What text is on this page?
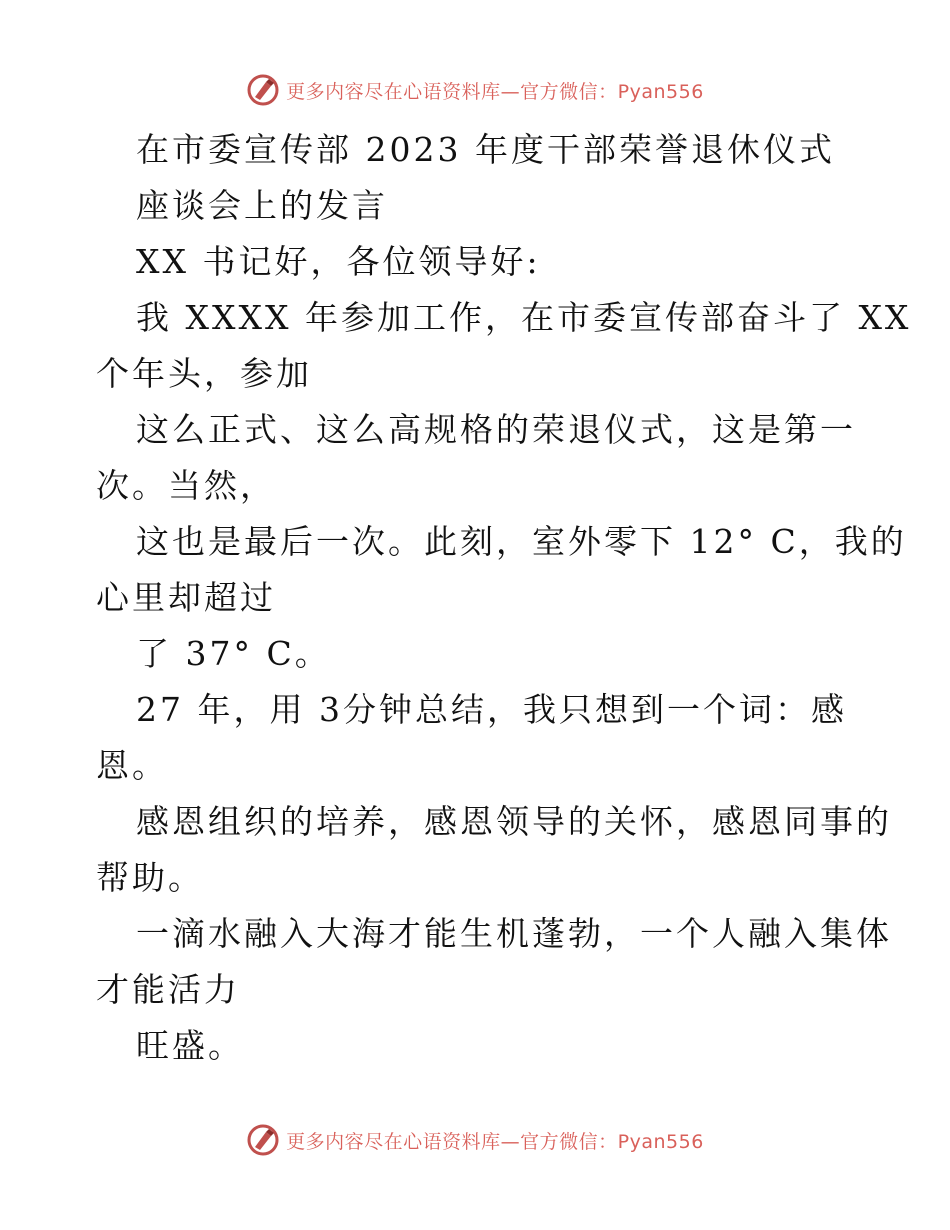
更多内容尽在心语资料库—官方微信：Pyan556
在市委宣传部 2023 年度干部荣誉退休仪式
座谈会上的发言
XX 书记好，各位领导好:
我 XXXX 年参加工作，在市委宣传部奋斗了 XX
个年头，参加
这么正式、这么高规格的荣退仪式，这是第一
次。当然，
这也是最后一次。此刻，室外零下 12° C，我的
心里却超过
了 37° C。
27 年，用 3分钟总结，我只想到一个词：感
恩。
感恩组织的培养，感恩领导的关怀，感恩同事的
帮助。
一滴水融入大海才能生机蓬勃，一个人融入集体
才能活力
旺盛。
更多内容尽在心语资料库—官方微信：Pyan556
